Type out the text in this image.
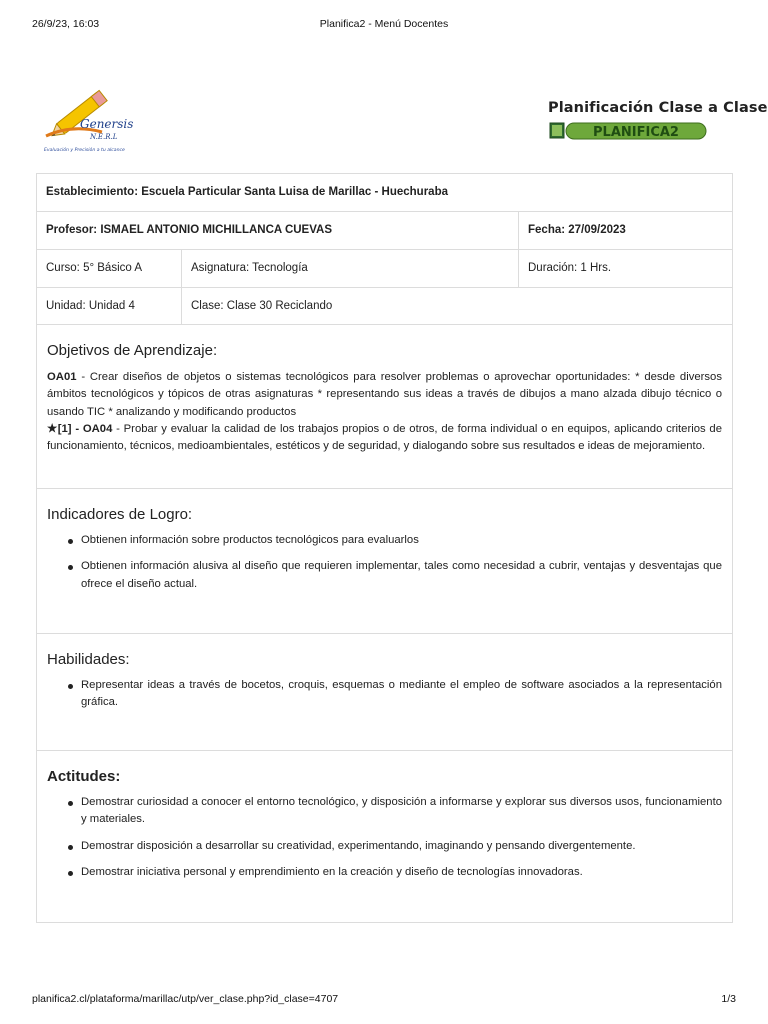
26/9/23, 16:03	Planifica2 - Menú Docentes
Genersis
N.E.R.L
Evaluación y Precisión a tu alcance
Planificación Clase a Clase
PLANIFICA2
Establecimiento: Escuela Particular Santa Luisa de Marillac - Huechuraba
Profesor: ISMAEL ANTONIO MICHILLANCA CUEVAS	Fecha: 27/09/2023
Curso: 5° Básico A	Asignatura: Tecnología	Duración: 1 Hrs.
Unidad: Unidad 4	Clase: Clase 30 Reciclando
Objetivos de Aprendizaje:

OA01 - Crear diseños de objetos o sistemas tecnológicos para resolver problemas o aprovechar oportunidades: * desde diversos ámbitos tecnológicos y tópicos de otras asignaturas * representando sus ideas a través de dibujos a mano alzada dibujo técnico o usando TIC * analizando y modificando productos

★[1] - OA04 - Probar y evaluar la calidad de los trabajos propios o de otros, de forma individual o en equipos, aplicando criterios de funcionamiento, técnicos, medioambientales, estéticos y de seguridad, y dialogando sobre sus resultados e ideas de mejoramiento.

Indicadores de Logro:
Obtienen información sobre productos tecnológicos para evaluarlos
Obtienen información alusiva al diseño que requieren implementar, tales como necesidad a cubrir, ventajas y desventajas que ofrece el diseño actual.
Habilidades:
Representar ideas a través de bocetos, croquis, esquemas o mediante el empleo de software asociados a la representación gráfica.
Actitudes:
Demostrar curiosidad a conocer el entorno tecnológico, y disposición a informarse y explorar sus diversos usos, funcionamiento y materiales.
Demostrar disposición a desarrollar su creatividad, experimentando, imaginando y pensando divergentemente.
Demostrar iniciativa personal y emprendimiento en la creación y diseño de tecnologías innovadoras.
planifica2.cl/plataforma/marillac/utp/ver_clase.php?id_clase=4707	1/3
